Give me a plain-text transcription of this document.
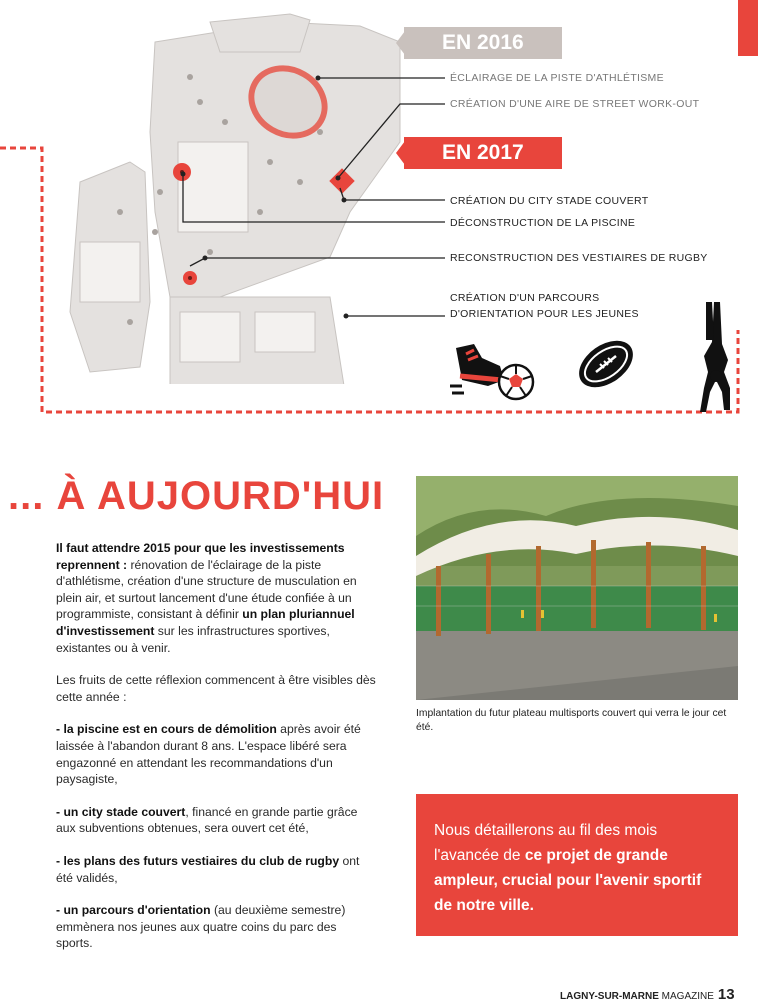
EN 2016
EN 2017
ÉCLAIRAGE DE LA PISTE D'ATHLÉTISME
CRÉATION D'UNE AIRE DE STREET WORK-OUT
CRÉATION DU CITY STADE COUVERT
DÉCONSTRUCTION DE LA PISCINE
RECONSTRUCTION DES VESTIAIRES DE RUGBY
CRÉATION D'UN PARCOURS
D'ORIENTATION POUR LES JEUNES
... À AUJOURD'HUI

Il faut attendre 2015 pour que les investissements reprennent : rénovation de l'éclairage de la piste d'athlétisme, création d'une structure de musculation en plein air, et surtout lancement d'une étude confiée à un programmiste, consistant à définir un plan pluriannuel d'investissement sur les infrastructures sportives, existantes ou à venir.

Les fruits de cette réflexion commencent à être visibles dès cette année :

- la piscine est en cours de démolition après avoir été laissée à l'abandon durant 8 ans. L'espace libéré sera engazonné en attendant les recommandations d'un paysagiste,

- un city stade couvert, financé en grande partie grâce aux subventions obtenues, sera ouvert cet été,

- les plans des futurs vestiaires du club de rugby ont été validés,

- un parcours d'orientation (au deuxième semestre) emmènera nos jeunes aux quatre coins du parc des sports.

Implantation du futur plateau multisports couvert qui verra le jour cet été.
Nous détaillerons au fil des mois l'avancée de ce projet de grande ampleur, crucial pour l'avenir sportif de notre ville.
LAGNY-SUR-MARNE MAGAZINE 13
